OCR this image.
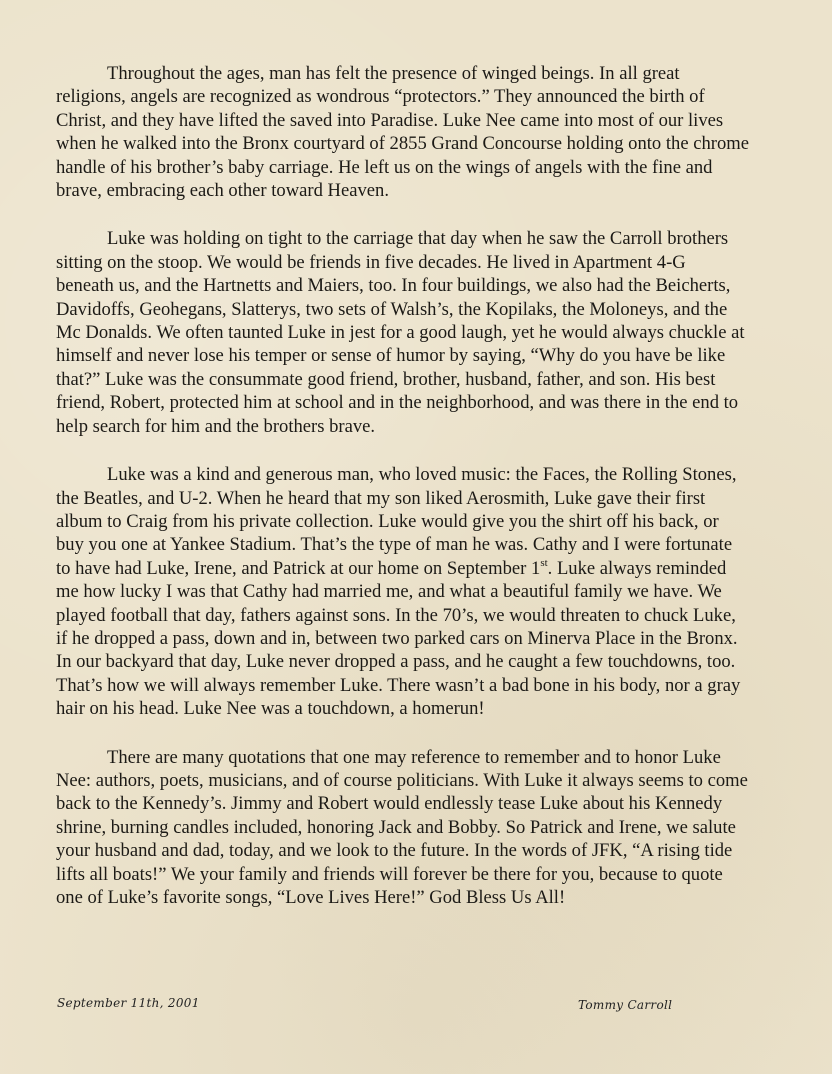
Throughout the ages, man has felt the presence of winged beings. In all great
religions, angels are recognized as wondrous “protectors.” They announced the birth of
Christ, and they have lifted the saved into Paradise. Luke Nee came into most of our lives
when he walked into the Bronx courtyard of 2855 Grand Concourse holding onto the chrome
handle of his brother’s baby carriage. He left us on the wings of angels with the fine and
brave, embracing each other toward Heaven.

Luke was holding on tight to the carriage that day when he saw the Carroll brothers
sitting on the stoop. We would be friends in five decades. He lived in Apartment 4-G
beneath us, and the Hartnetts and Maiers, too. In four buildings, we also had the Beicherts,
Davidoffs, Geohegans, Slatterys, two sets of Walsh’s, the Kopilaks, the Moloneys, and the
Mc Donalds. We often taunted Luke in jest for a good laugh, yet he would always chuckle at
himself and never lose his temper or sense of humor by saying, “Why do you have be like
that?” Luke was the consummate good friend, brother, husband, father, and son. His best
friend, Robert, protected him at school and in the neighborhood, and was there in the end to
help search for him and the brothers brave.

Luke was a kind and generous man, who loved music: the Faces, the Rolling Stones,
the Beatles, and U-2. When he heard that my son liked Aerosmith, Luke gave their first
album to Craig from his private collection. Luke would give you the shirt off his back, or
buy you one at Yankee Stadium. That’s the type of man he was. Cathy and I were fortunate
to have had Luke, Irene, and Patrick at our home on September 1st. Luke always reminded
me how lucky I was that Cathy had married me, and what a beautiful family we have. We
played football that day, fathers against sons. In the 70’s, we would threaten to chuck Luke,
if he dropped a pass, down and in, between two parked cars on Minerva Place in the Bronx.
In our backyard that day, Luke never dropped a pass, and he caught a few touchdowns, too.
That’s how we will always remember Luke. There wasn’t a bad bone in his body, nor a gray
hair on his head. Luke Nee was a touchdown, a homerun!

There are many quotations that one may reference to remember and to honor Luke
Nee: authors, poets, musicians, and of course politicians. With Luke it always seems to come
back to the Kennedy’s. Jimmy and Robert would endlessly tease Luke about his Kennedy
shrine, burning candles included, honoring Jack and Bobby. So Patrick and Irene, we salute
your husband and dad, today, and we look to the future. In the words of JFK, “A rising tide
lifts all boats!” We your family and friends will forever be there for you, because to quote
one of Luke’s favorite songs, “Love Lives Here!” God Bless Us All!

September 11th, 2001	Tommy Carroll
